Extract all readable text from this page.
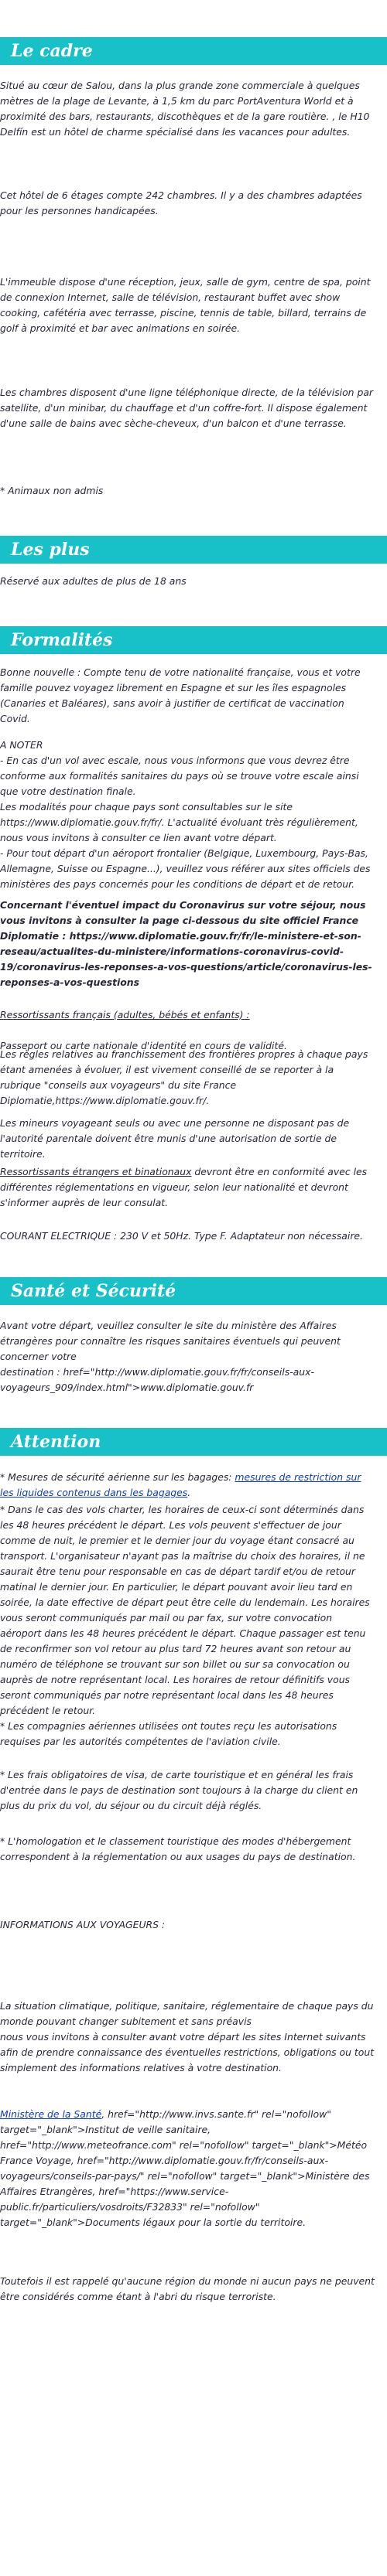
Le cadre
Situé au cœur de Salou, dans la plus grande zone commerciale à quelques mètres de la plage de Levante, à 1,5 km du parc PortAventura World et à proximité des bars, restaurants, discothèques et de la gare routière. , le H10 Delfín est un hôtel de charme spécialisé dans les vacances pour adultes.
Cet hôtel de 6 étages compte 242 chambres. Il y a des chambres adaptées pour les personnes handicapées.
L'immeuble dispose d'une réception, jeux, salle de gym, centre de spa, point de connexion Internet, salle de télévision, restaurant buffet avec show cooking, cafétéria avec terrasse, piscine, tennis de table, billard, terrains de golf à proximité et bar avec animations en soirée.
Les chambres disposent d'une ligne téléphonique directe, de la télévision par satellite, d'un minibar, du chauffage et d'un coffre-fort. Il dispose également d'une salle de bains avec sèche-cheveux, d'un balcon et d'une terrasse.
* Animaux non admis
Les plus
Réservé aux adultes de plus de 18 ans
Formalités
Bonne nouvelle : Compte tenu de votre nationalité française, vous et votre famille pouvez voyagez librement en Espagne et sur les îles espagnoles (Canaries et Baléares), sans avoir à justifier de certificat de vaccination Covid.
A NOTER
- En cas d'un vol avec escale, nous vous informons que vous devrez être conforme aux formalités sanitaires du pays où se trouve votre escale ainsi que votre destination finale.
Les modalités pour chaque pays sont consultables sur le site https://www.diplomatie.gouv.fr/fr/. L'actualité évoluant très régulièrement, nous vous invitons à consulter ce lien avant votre départ.
- Pour tout départ d'un aéroport frontalier (Belgique, Luxembourg, Pays-Bas, Allemagne, Suisse ou Espagne...), veuillez vous référer aux sites officiels des ministères des pays concernés pour les conditions de départ et de retour.
Concernant l'éventuel impact du Coronavirus sur votre séjour, nous vous invitons à consulter la page ci-dessous du site officiel France Diplomatie : https://www.diplomatie.gouv.fr/fr/le-ministere-et-son-reseau/actualites-du-ministere/informations-coronavirus-covid-19/coronavirus-les-reponses-a-vos-questions/article/coronavirus-les-reponses-a-vos-questions

Ressortissants français (adultes, bébés et enfants) :

Passeport ou carte nationale d'identité en cours de validité.

Les règles relatives au franchissement des frontières propres à chaque pays étant amenées à évoluer, il est vivement conseillé de se reporter à la rubrique "conseils aux voyageurs" du site France Diplomatie,https://www.diplomatie.gouv.fr/.
Les mineurs voyageant seuls ou avec une personne ne disposant pas de l'autorité parentale doivent être munis d'une autorisation de sortie de territoire.
Ressortissants étrangers et binationaux devront être en conformité avec les différentes réglementations en vigueur, selon leur nationalité et devront s'informer auprès de leur consulat.
COURANT ELECTRIQUE : 230 V et 50Hz. Type F. Adaptateur non nécessaire.
Santé et Sécurité
Avant votre départ, veuillez consulter le site du ministère des Affaires étrangères pour connaître les risques sanitaires éventuels qui peuvent concerner votre
destination : href="http://www.diplomatie.gouv.fr/fr/conseils-aux-voyageurs_909/index.html">www.diplomatie.gouv.fr
Attention
* Mesures de sécurité aérienne sur les bagages: mesures de restriction sur les liquides contenus dans les bagages.
* Dans le cas des vols charter, les horaires de ceux-ci sont déterminés dans les 48 heures précédent le départ. Les vols peuvent s'effectuer de jour comme de nuit, le premier et le dernier jour du voyage étant consacré au transport. L'organisateur n'ayant pas la maîtrise du choix des horaires, il ne saurait être tenu pour responsable en cas de départ tardif et/ou de retour matinal le dernier jour. En particulier, le départ pouvant avoir lieu tard en soirée, la date effective de départ peut être celle du lendemain. Les horaires vous seront communiqués par mail ou par fax, sur votre convocation aéroport dans les 48 heures précédent le départ. Chaque passager est tenu de reconfirmer son vol retour au plus tard 72 heures avant son retour au numéro de téléphone se trouvant sur son billet ou sur sa convocation ou auprès de notre représentant local. Les horaires de retour définitifs vous seront communiqués par notre représentant local dans les 48 heures précédent le retour.
* Les compagnies aériennes utilisées ont toutes reçu les autorisations requises par les autorités compétentes de l'aviation civile.
* Les frais obligatoires de visa, de carte touristique et en général les frais d'entrée dans le pays de destination sont toujours à la charge du client en plus du prix du vol, du séjour ou du circuit déjà réglés.
* L'homologation et le classement touristique des modes d'hébergement correspondent à la réglementation ou aux usages du pays de destination.
INFORMATIONS AUX VOYAGEURS :
La situation climatique, politique, sanitaire, réglementaire de chaque pays du monde pouvant changer subitement et sans préavis
nous vous invitons à consulter avant votre départ les sites Internet suivants afin de prendre connaissance des éventuelles restrictions, obligations ou tout simplement des informations relatives à votre destination.
Ministère de la Santé, href="http://www.invs.sante.fr" rel="nofollow" target="_blank">Institut de veille sanitaire, href="http://www.meteofrance.com" rel="nofollow" target="_blank">Météo France Voyage, href="http://www.diplomatie.gouv.fr/fr/conseils-aux-voyageurs/conseils-par-pays/" rel="nofollow" target="_blank">Ministère des Affaires Etrangères, href="https://www.service-public.fr/particuliers/vosdroits/F32833" rel="nofollow" target="_blank">Documents légaux pour la sortie du territoire.
Toutefois il est rappelé qu'aucune région du monde ni aucun pays ne peuvent être considérés comme étant à l'abri du risque terroriste.
